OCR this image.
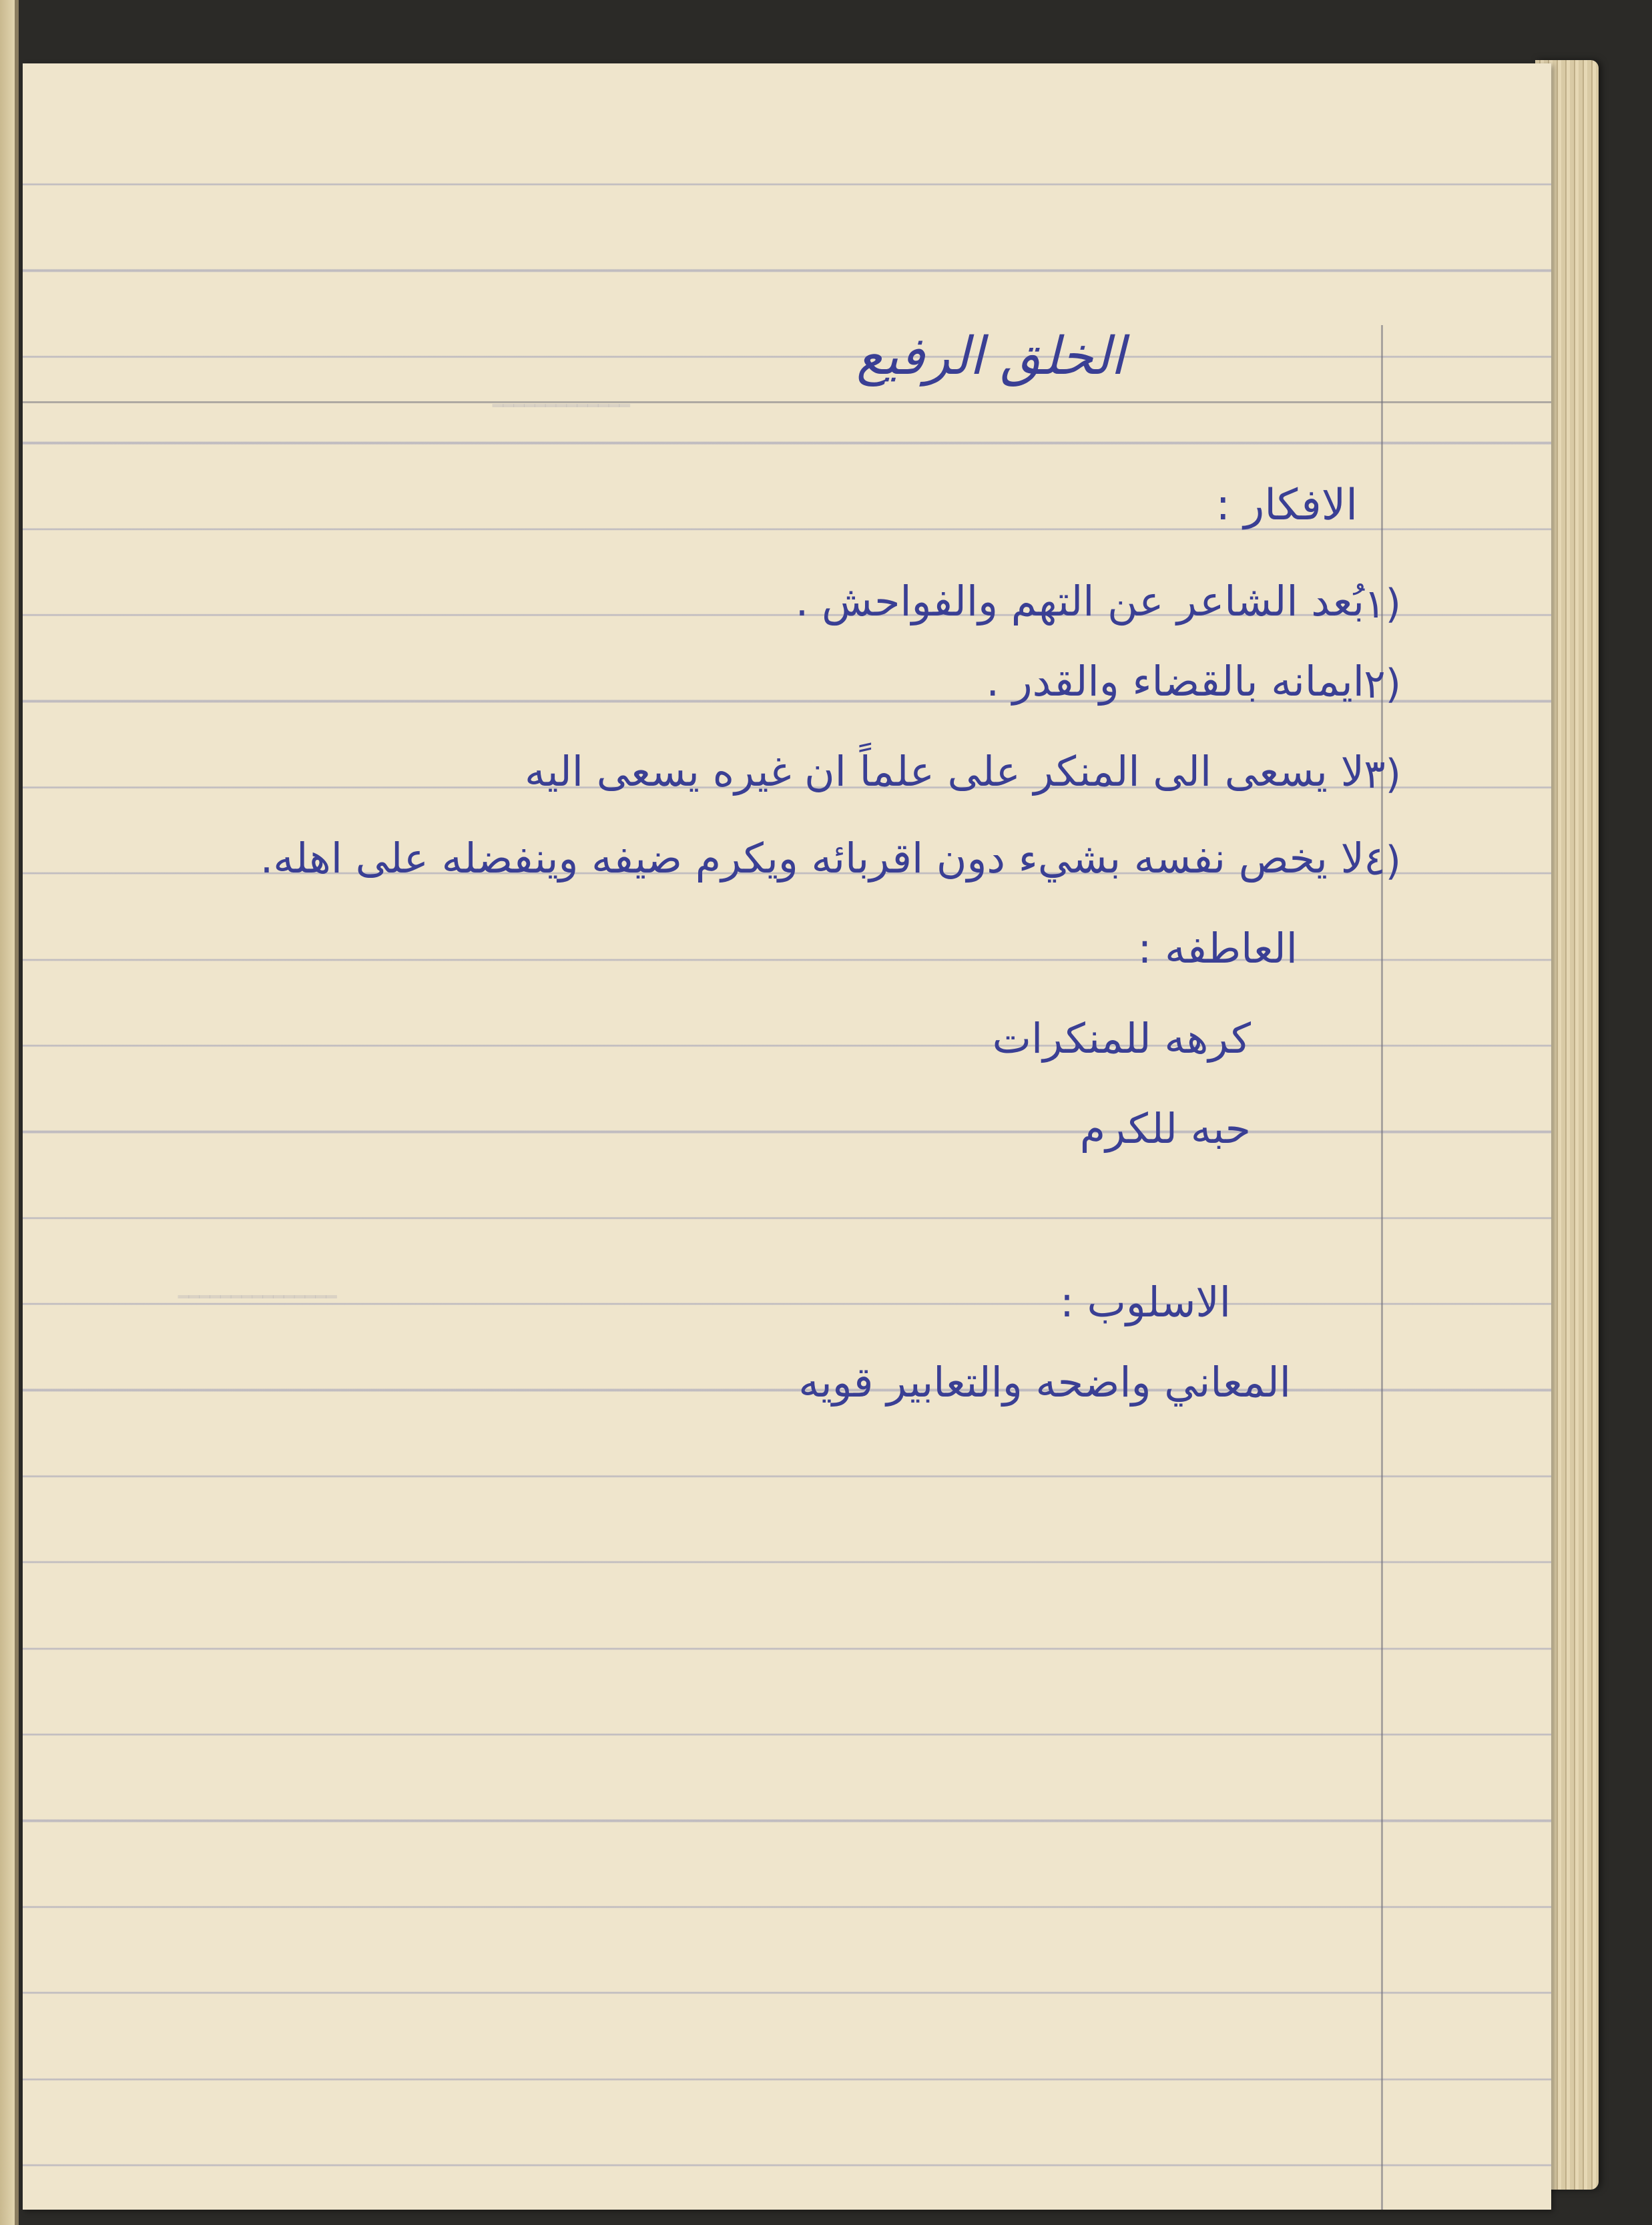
ـــــــــــــ
ـــــــــــــــ
الخلق الرفيع
الافكار :
١)
بُعد الشاعر عن التهم والفواحش .
٢)
ايمانه بالقضاء والقدر .
٣)
لا يسعى الى المنكر على علماً ان غيره يسعى اليه
٤)
لا يخص نفسه بشيء دون اقربائه ويكرم ضيفه وينفضله على اهله.
العاطفه :
كرهه للمنكرات
حبه للكرم
الاسلوب :
المعاني واضحه والتعابير قويه
